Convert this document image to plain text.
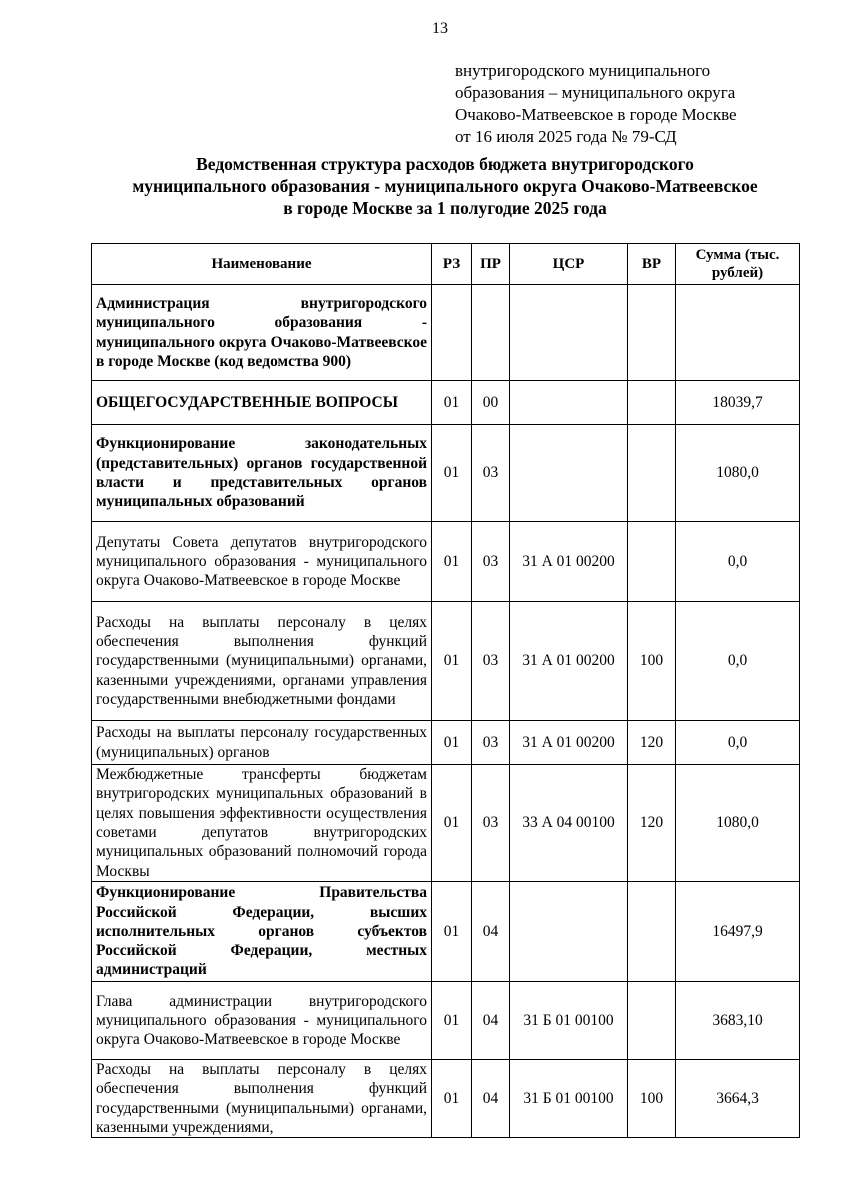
13
внутригородского муниципального
образования – муниципального округа
Очаково-Матвеевское в городе Москве
от 16 июля 2025 года № 79-СД
Ведомственная структура расходов бюджета внутригородского
муниципального образования - муниципального округа Очаково-Матвеевское
в городе Москве за 1 полугодие 2025 года
Наименование	РЗ	ПР	ЦСР	ВР	Сумма (тыс. рублей)
Администрация внутригородского муниципального образования - муниципального округа Очаково-Матвеевское в городе Москве (код ведомства 900)					
ОБЩЕГОСУДАРСТВЕННЫЕ ВОПРОСЫ	01	00			18039,7
Функционирование законодательных (представительных) органов государственной власти и представительных органов муниципальных образований	01	03			1080,0
Депутаты Совета депутатов внутригородского муниципального образования - муниципального округа Очаково-Матвеевское в городе Москве	01	03	31 А 01 00200		0,0
Расходы на выплаты персоналу в целях обеспечения выполнения функций государственными (муниципальными) органами, казенными учреждениями, органами управления государственными внебюджетными фондами	01	03	31 А 01 00200	100	0,0
Расходы на выплаты персоналу государственных (муниципальных) органов	01	03	31 А 01 00200	120	0,0
Межбюджетные трансферты бюджетам внутригородских муниципальных образований в целях повышения эффективности осуществления советами депутатов внутригородских муниципальных образований полномочий города Москвы	01	03	33 А 04 00100	120	1080,0
Функционирование Правительства Российской Федерации, высших исполнительных органов субъектов Российской Федерации, местных администраций	01	04			16497,9
Глава администрации внутригородского муниципального образования - муниципального округа Очаково-Матвеевское в городе Москве	01	04	31 Б 01 00100		3683,10
Расходы на выплаты персоналу в целях обеспечения выполнения функций государственными (муниципальными) органами, казенными учреждениями,	01	04	31 Б 01 00100	100	3664,3
